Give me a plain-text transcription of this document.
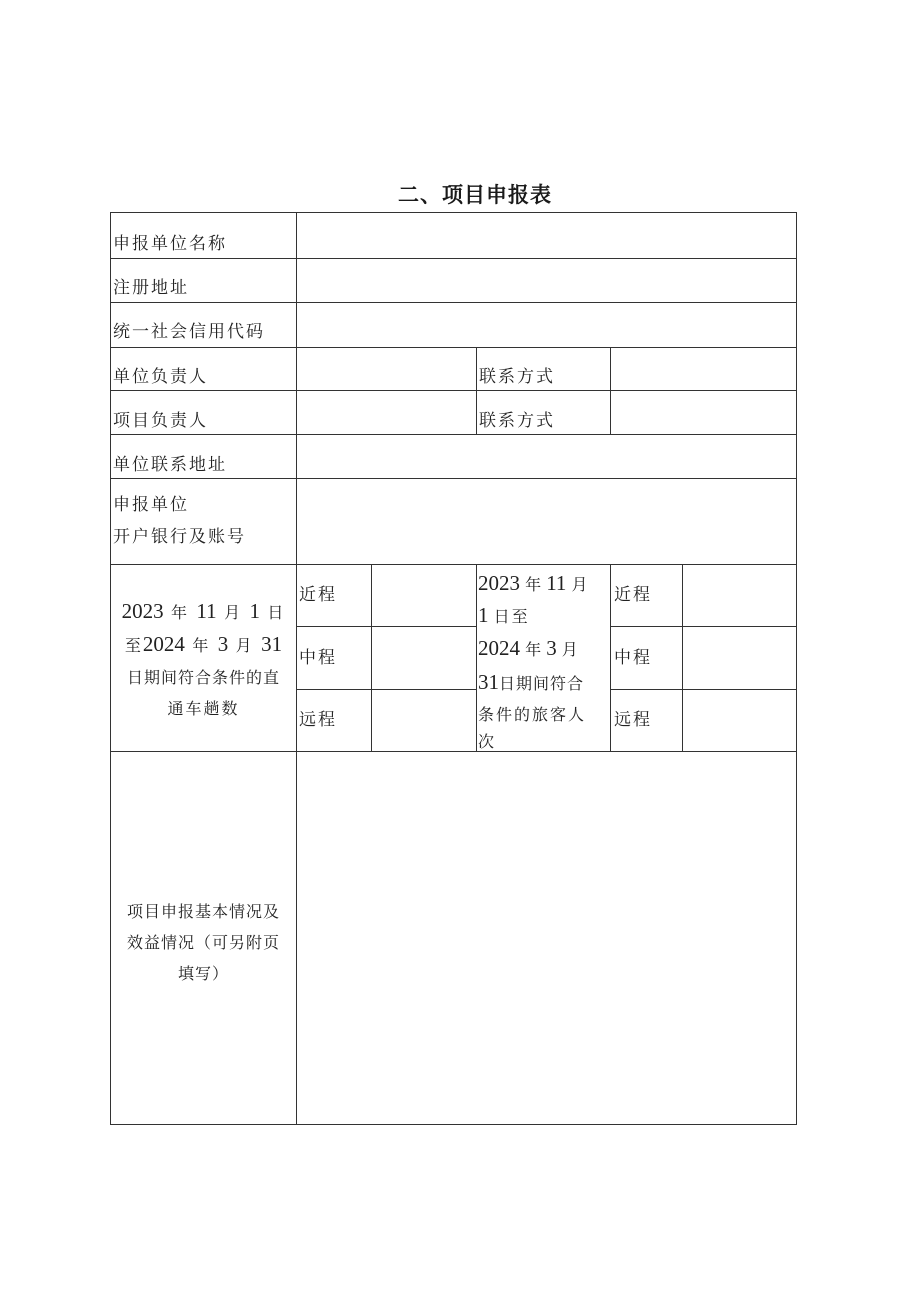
二、项目申报表
申报单位名称
注册地址
统一社会信用代码
单位负责人	联系方式
项目负责人	联系方式
单位联系地址
申报单位
开户银行及账号
2023 年 11 月 1 日
至2024 年 3 月 31
日期间符合条件的直
通车趟数
近程
中程
远程
2023 年 11 月
1 日至
2024 年 3 月
31日期间符合
条件的旅客人
次
近程
中程
远程
项目申报基本情况及
效益情况（可另附页
填写）
